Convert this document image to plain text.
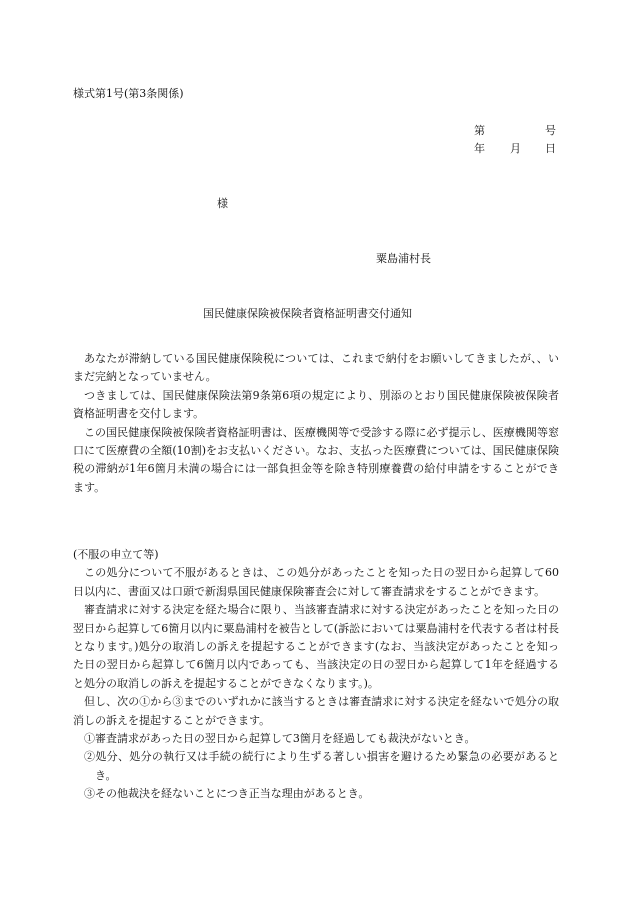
様式第1号(第3条関係)
第	号
年 月 日
様
粟島浦村長
国民健康保険被保険者資格証明書交付通知

あなたが滞納している国民健康保険税については、これまで納付をお願いしてきましたが、、いまだ完納となっていません。

つきましては、国民健康保険法第9条第6項の規定により、別添のとおり国民健康保険被保険者資格証明書を交付します。

この国民健康保険被保険者資格証明書は、医療機関等で受診する際に必ず提示し、医療機関等窓口にて医療費の全額(10割)をお支払いください。なお、支払った医療費については、国民健康保険税の滞納が1年6箇月未満の場合には一部負担金等を除き特別療養費の給付申請をすることができます。

(不服の申立て等)

この処分について不服があるときは、この処分があったことを知った日の翌日から起算して60日以内に、書面又は口頭で新潟県国民健康保険審査会に対して審査請求をすることができます。

審査請求に対する決定を経た場合に限り、当該審査請求に対する決定があったことを知った日の翌日から起算して6箇月以内に粟島浦村を被告として(訴訟においては粟島浦村を代表する者は村長となります。)処分の取消しの訴えを提起することができます(なお、当該決定があったことを知った日の翌日から起算して6箇月以内であっても、当該決定の日の翌日から起算して1年を経過すると処分の取消しの訴えを提起することができなくなります。)。

但し、次の①から③までのいずれかに該当するときは審査請求に対する決定を経ないで処分の取消しの訴えを提起することができます。

①審査請求があった日の翌日から起算して3箇月を経過しても裁決がないとき。

②処分、処分の執行又は手続の続行により生ずる著しい損害を避けるため緊急の必要があるとき。

③その他裁決を経ないことにつき正当な理由があるとき。
